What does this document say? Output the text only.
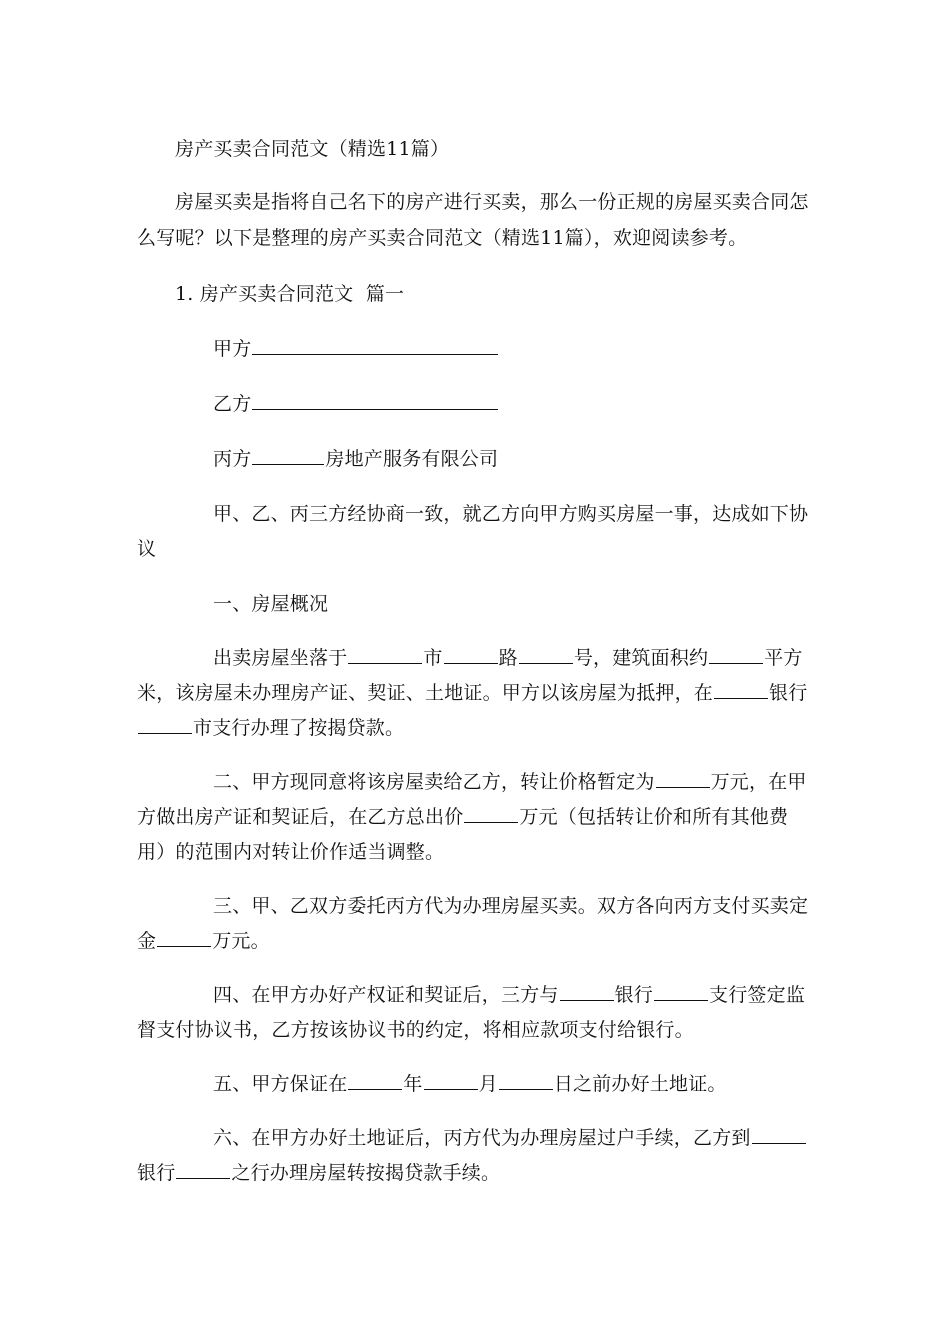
房产买卖合同范文（精选11篇）
房屋买卖是指将自己名下的房产进行买卖，那么一份正规的房屋买卖合同怎
么写呢？以下是整理的房产买卖合同范文（精选11篇），欢迎阅读参考。
1. 房产买卖合同范文  篇一
甲方
乙方
丙方	房地产服务有限公司
甲、乙、丙三方经协商一致，就乙方向甲方购买房屋一事，达成如下协
议
一、房屋概况
出卖房屋坐落于	市	路	号，建筑面积约	平方
米，该房屋未办理房产证、契证、土地证。甲方以该房屋为抵押，在	银行
市支行办理了按揭贷款。
二、甲方现同意将该房屋卖给乙方，转让价格暂定为	万元，在甲
方做出房产证和契证后，在乙方总出价	万元（包括转让价和所有其他费
用）的范围内对转让价作适当调整。
三、甲、乙双方委托丙方代为办理房屋买卖。双方各向丙方支付买卖定
金	万元。
四、在甲方办好产权证和契证后，三方与	银行	支行签定监
督支付协议书，乙方按该协议书的约定，将相应款项支付给银行。
五、甲方保证在	年	月	日之前办好土地证。
六、在甲方办好土地证后，丙方代为办理房屋过户手续，乙方到
银行	之行办理房屋转按揭贷款手续。
